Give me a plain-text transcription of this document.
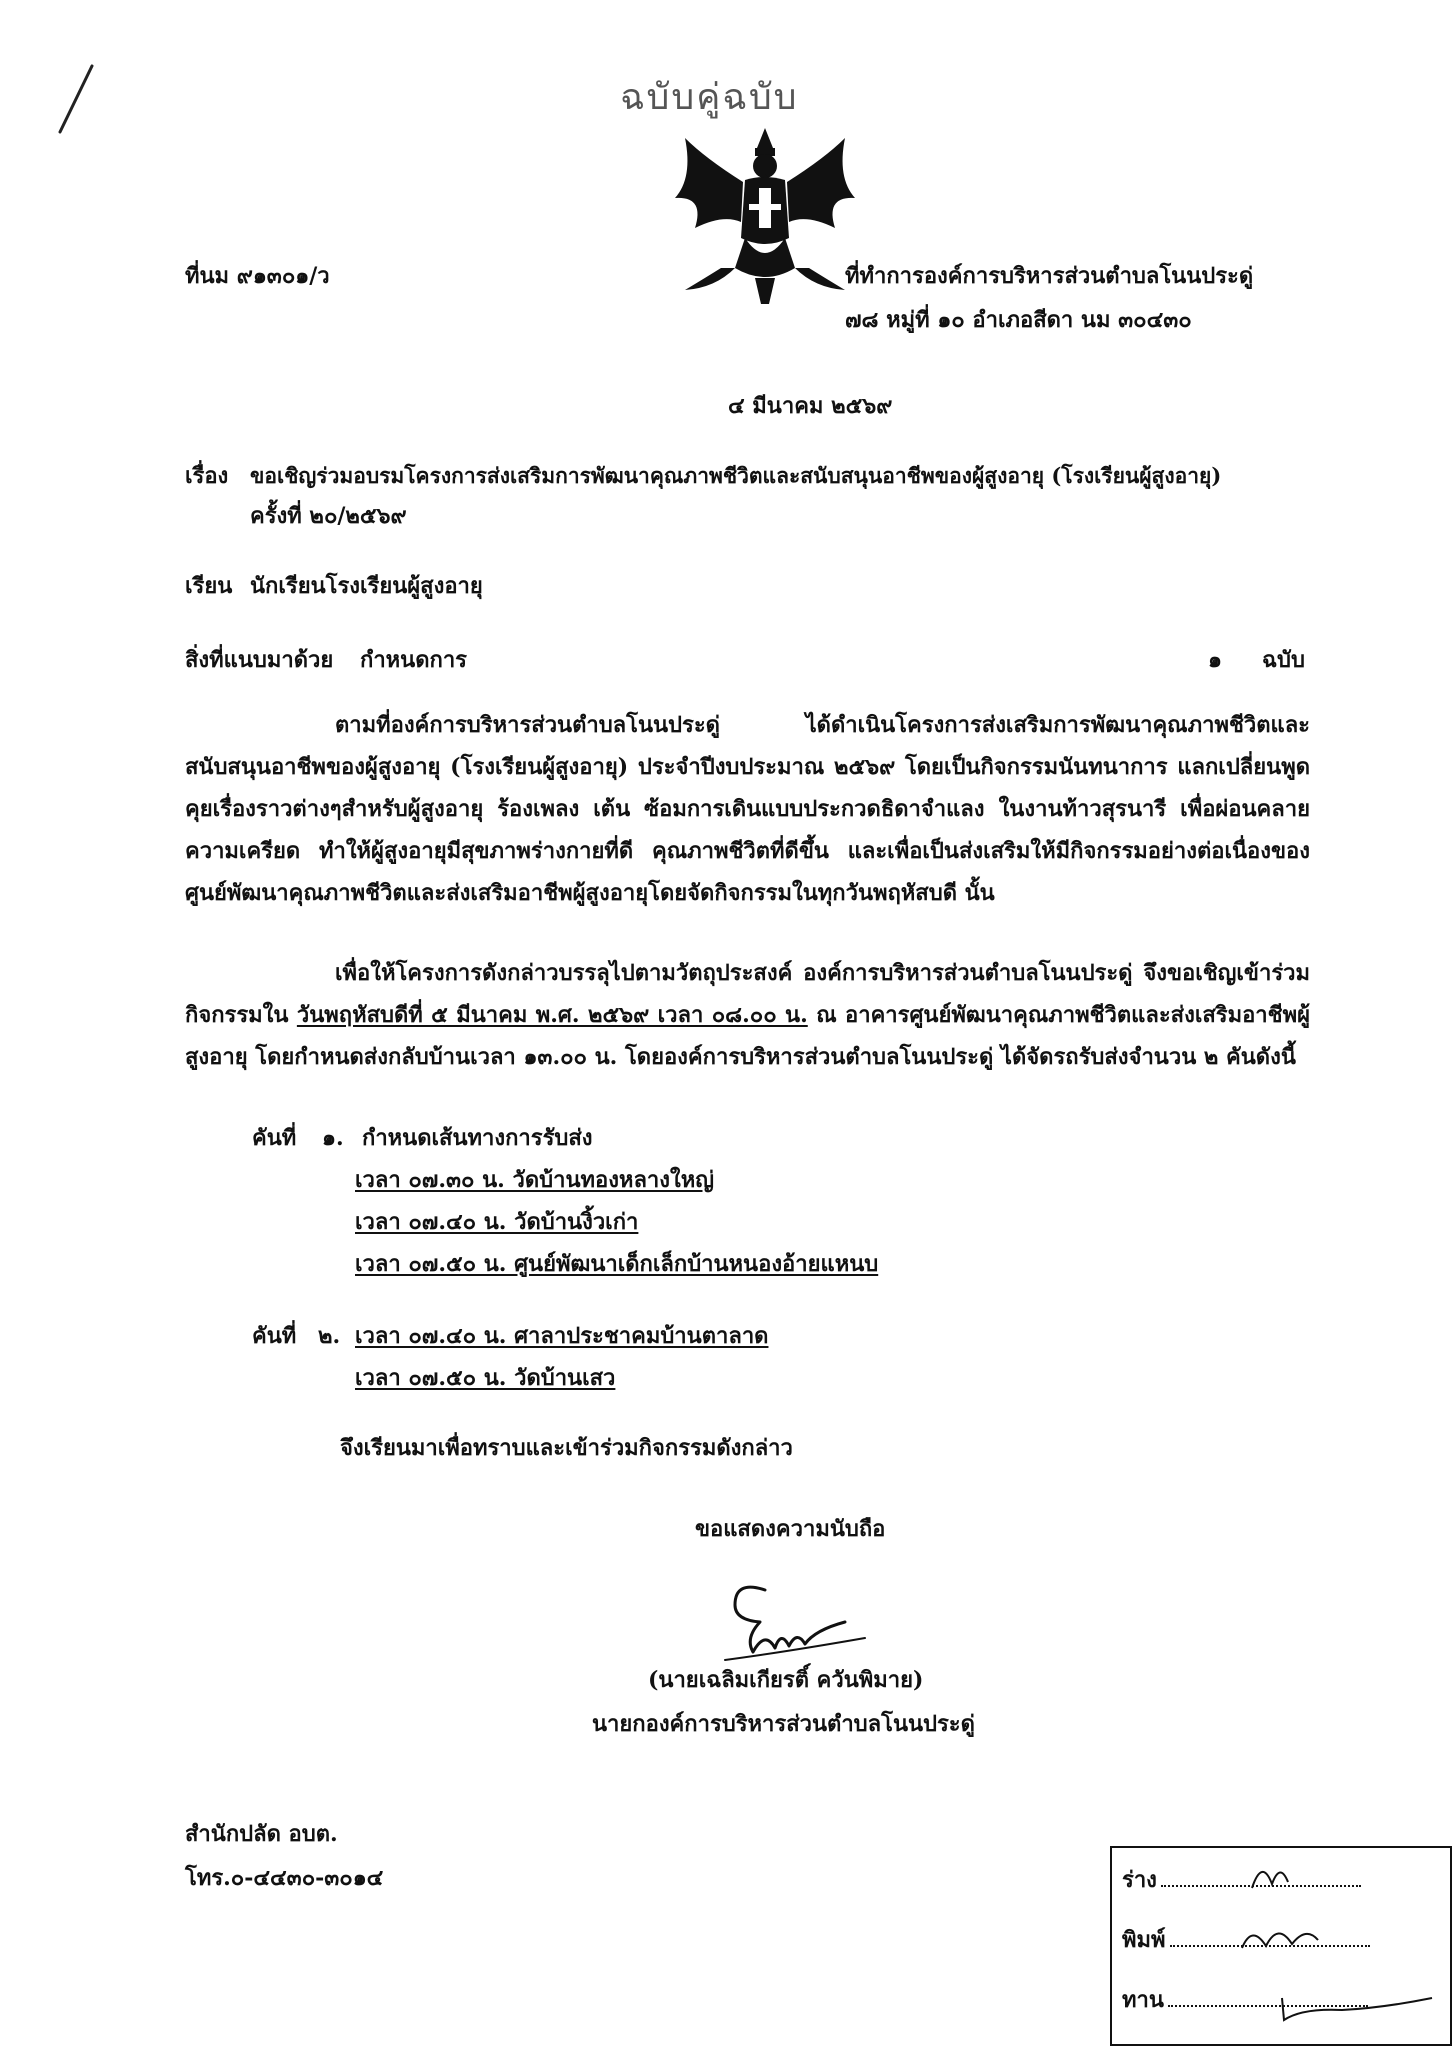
ฉบับคู่ฉบับ
ที่นม ๙๑๓๐๑/ว	ที่ทำการองค์การบริหารส่วนตำบลโนนประดู่
๗๘ หมู่ที่ ๑๐ อำเภอสีดา นม ๓๐๔๓๐
๔ มีนาคม ๒๕๖๙
เรื่อง ขอเชิญร่วมอบรมโครงการส่งเสริมการพัฒนาคุณภาพชีวิตและสนับสนุนอาชีพของผู้สูงอายุ (โรงเรียนผู้สูงอายุ)
ครั้งที่ ๒๐/๒๕๖๙
เรียน นักเรียนโรงเรียนผู้สูงอายุ
สิ่งที่แนบมาด้วย กำหนดการ	๑ ฉบับ
ตามที่องค์การบริหารส่วนตำบลโนนประดู่ ได้ดำเนินโครงการส่งเสริมการพัฒนาคุณภาพชีวิตและสนับสนุนอาชีพของผู้สูงอายุ (โรงเรียนผู้สูงอายุ) ประจำปีงบประมาณ ๒๕๖๙ โดยเป็นกิจกรรมนันทนาการ แลกเปลี่ยนพูดคุยเรื่องราวต่างๆสำหรับผู้สูงอายุ ร้องเพลง เต้น ซ้อมการเดินแบบประกวดธิดาจำแลง ในงานท้าวสุรนารี เพื่อผ่อนคลายความเครียด ทำให้ผู้สูงอายุมีสุขภาพร่างกายที่ดี คุณภาพชีวิตที่ดีขึ้น และเพื่อเป็นส่งเสริมให้มีกิจกรรมอย่างต่อเนื่องของศูนย์พัฒนาคุณภาพชีวิตและส่งเสริมอาชีพผู้สูงอายุโดยจัดกิจกรรมในทุกวันพฤหัสบดี นั้น
เพื่อให้โครงการดังกล่าวบรรลุไปตามวัตถุประสงค์ องค์การบริหารส่วนตำบลโนนประดู่ จึงขอเชิญเข้าร่วมกิจกรรมใน วันพฤหัสบดีที่ ๕ มีนาคม พ.ศ. ๒๕๖๙ เวลา ๐๘.๐๐ น. ณ อาคารศูนย์พัฒนาคุณภาพชีวิตและส่งเสริมอาชีพผู้สูงอายุ โดยกำหนดส่งกลับบ้านเวลา ๑๓.๐๐ น. โดยองค์การบริหารส่วนตำบลโนนประดู่ ได้จัดรถรับส่งจำนวน ๒ คันดังนี้
คันที่ ๑. กำหนดเส้นทางการรับส่ง
เวลา ๐๗.๓๐ น. วัดบ้านทองหลางใหญ่
เวลา ๐๗.๔๐ น. วัดบ้านงิ้วเก่า
เวลา ๐๗.๕๐ น. ศูนย์พัฒนาเด็กเล็กบ้านหนองอ้ายแหนบ
คันที่ ๒. เวลา ๐๗.๔๐ น. ศาลาประชาคมบ้านตาลาด
เวลา ๐๗.๕๐ น. วัดบ้านเสว
จึงเรียนมาเพื่อทราบและเข้าร่วมกิจกรรมดังกล่าว
ขอแสดงความนับถือ
(นายเฉลิมเกียรติ์ ควันพิมาย)
นายกองค์การบริหารส่วนตำบลโนนประดู่
สำนักปลัด อบต.
โทร.๐-๔๔๓๐-๓๐๑๔	ร่าง
พิมพ์
ทาน
